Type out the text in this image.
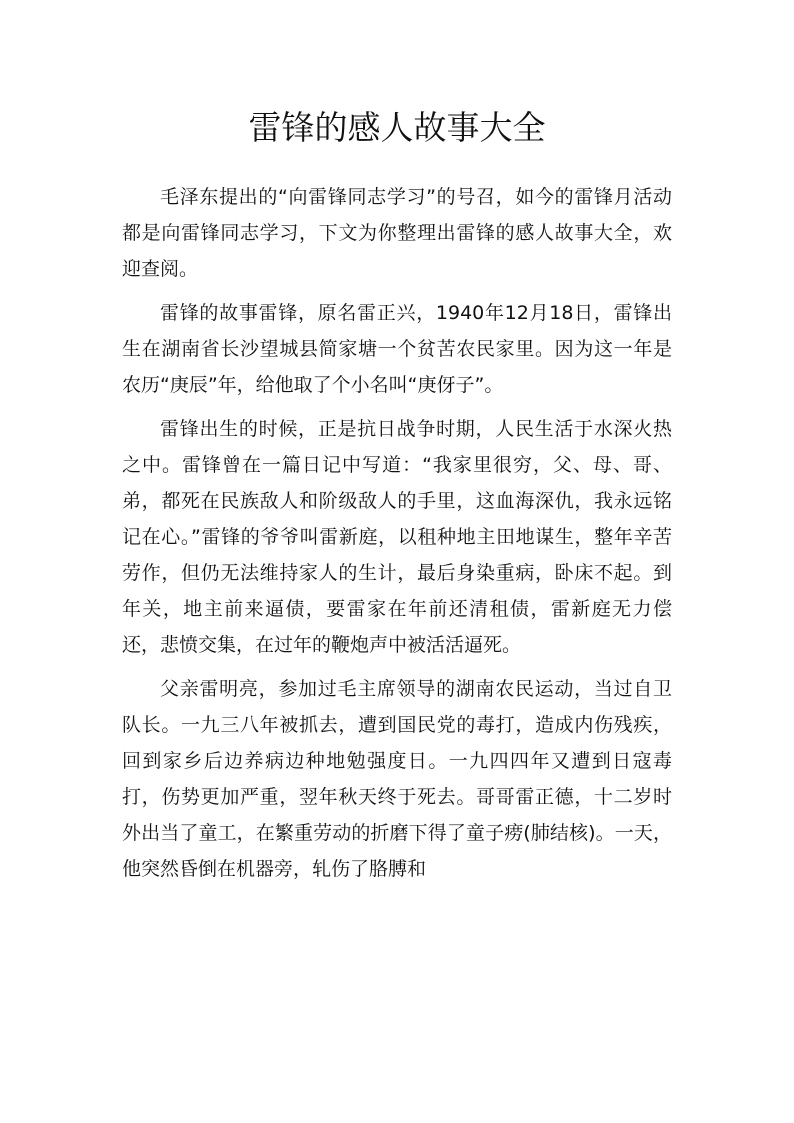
雷锋的感人故事大全

毛泽东提出的“向雷锋同志学习”的号召，如今的雷锋月活动都是向雷锋同志学习，下文为你整理出雷锋的感人故事大全，欢迎查阅。

雷锋的故事雷锋，原名雷正兴，1940年12月18日，雷锋出生在湖南省长沙望城县简家塘一个贫苦农民家里。因为这一年是农历“庚辰”年，给他取了个小名叫“庚伢子”。

雷锋出生的时候，正是抗日战争时期，人民生活于水深火热之中。雷锋曾在一篇日记中写道：“我家里很穷，父、母、哥、弟，都死在民族敌人和阶级敌人的手里，这血海深仇，我永远铭记在心。”雷锋的爷爷叫雷新庭，以租种地主田地谋生，整年辛苦劳作，但仍无法维持家人的生计，最后身染重病，卧床不起。到年关，地主前来逼债，要雷家在年前还清租债，雷新庭无力偿还，悲愤交集，在过年的鞭炮声中被活活逼死。

父亲雷明亮，参加过毛主席领导的湖南农民运动，当过自卫队长。一九三八年被抓去，遭到国民党的毒打，造成内伤残疾，回到家乡后边养病边种地勉强度日。一九四四年又遭到日寇毒打，伤势更加严重，翌年秋天终于死去。哥哥雷正德，十二岁时外出当了童工，在繁重劳动的折磨下得了童子痨(肺结核)。一天，他突然昏倒在机器旁，轧伤了胳膊和
